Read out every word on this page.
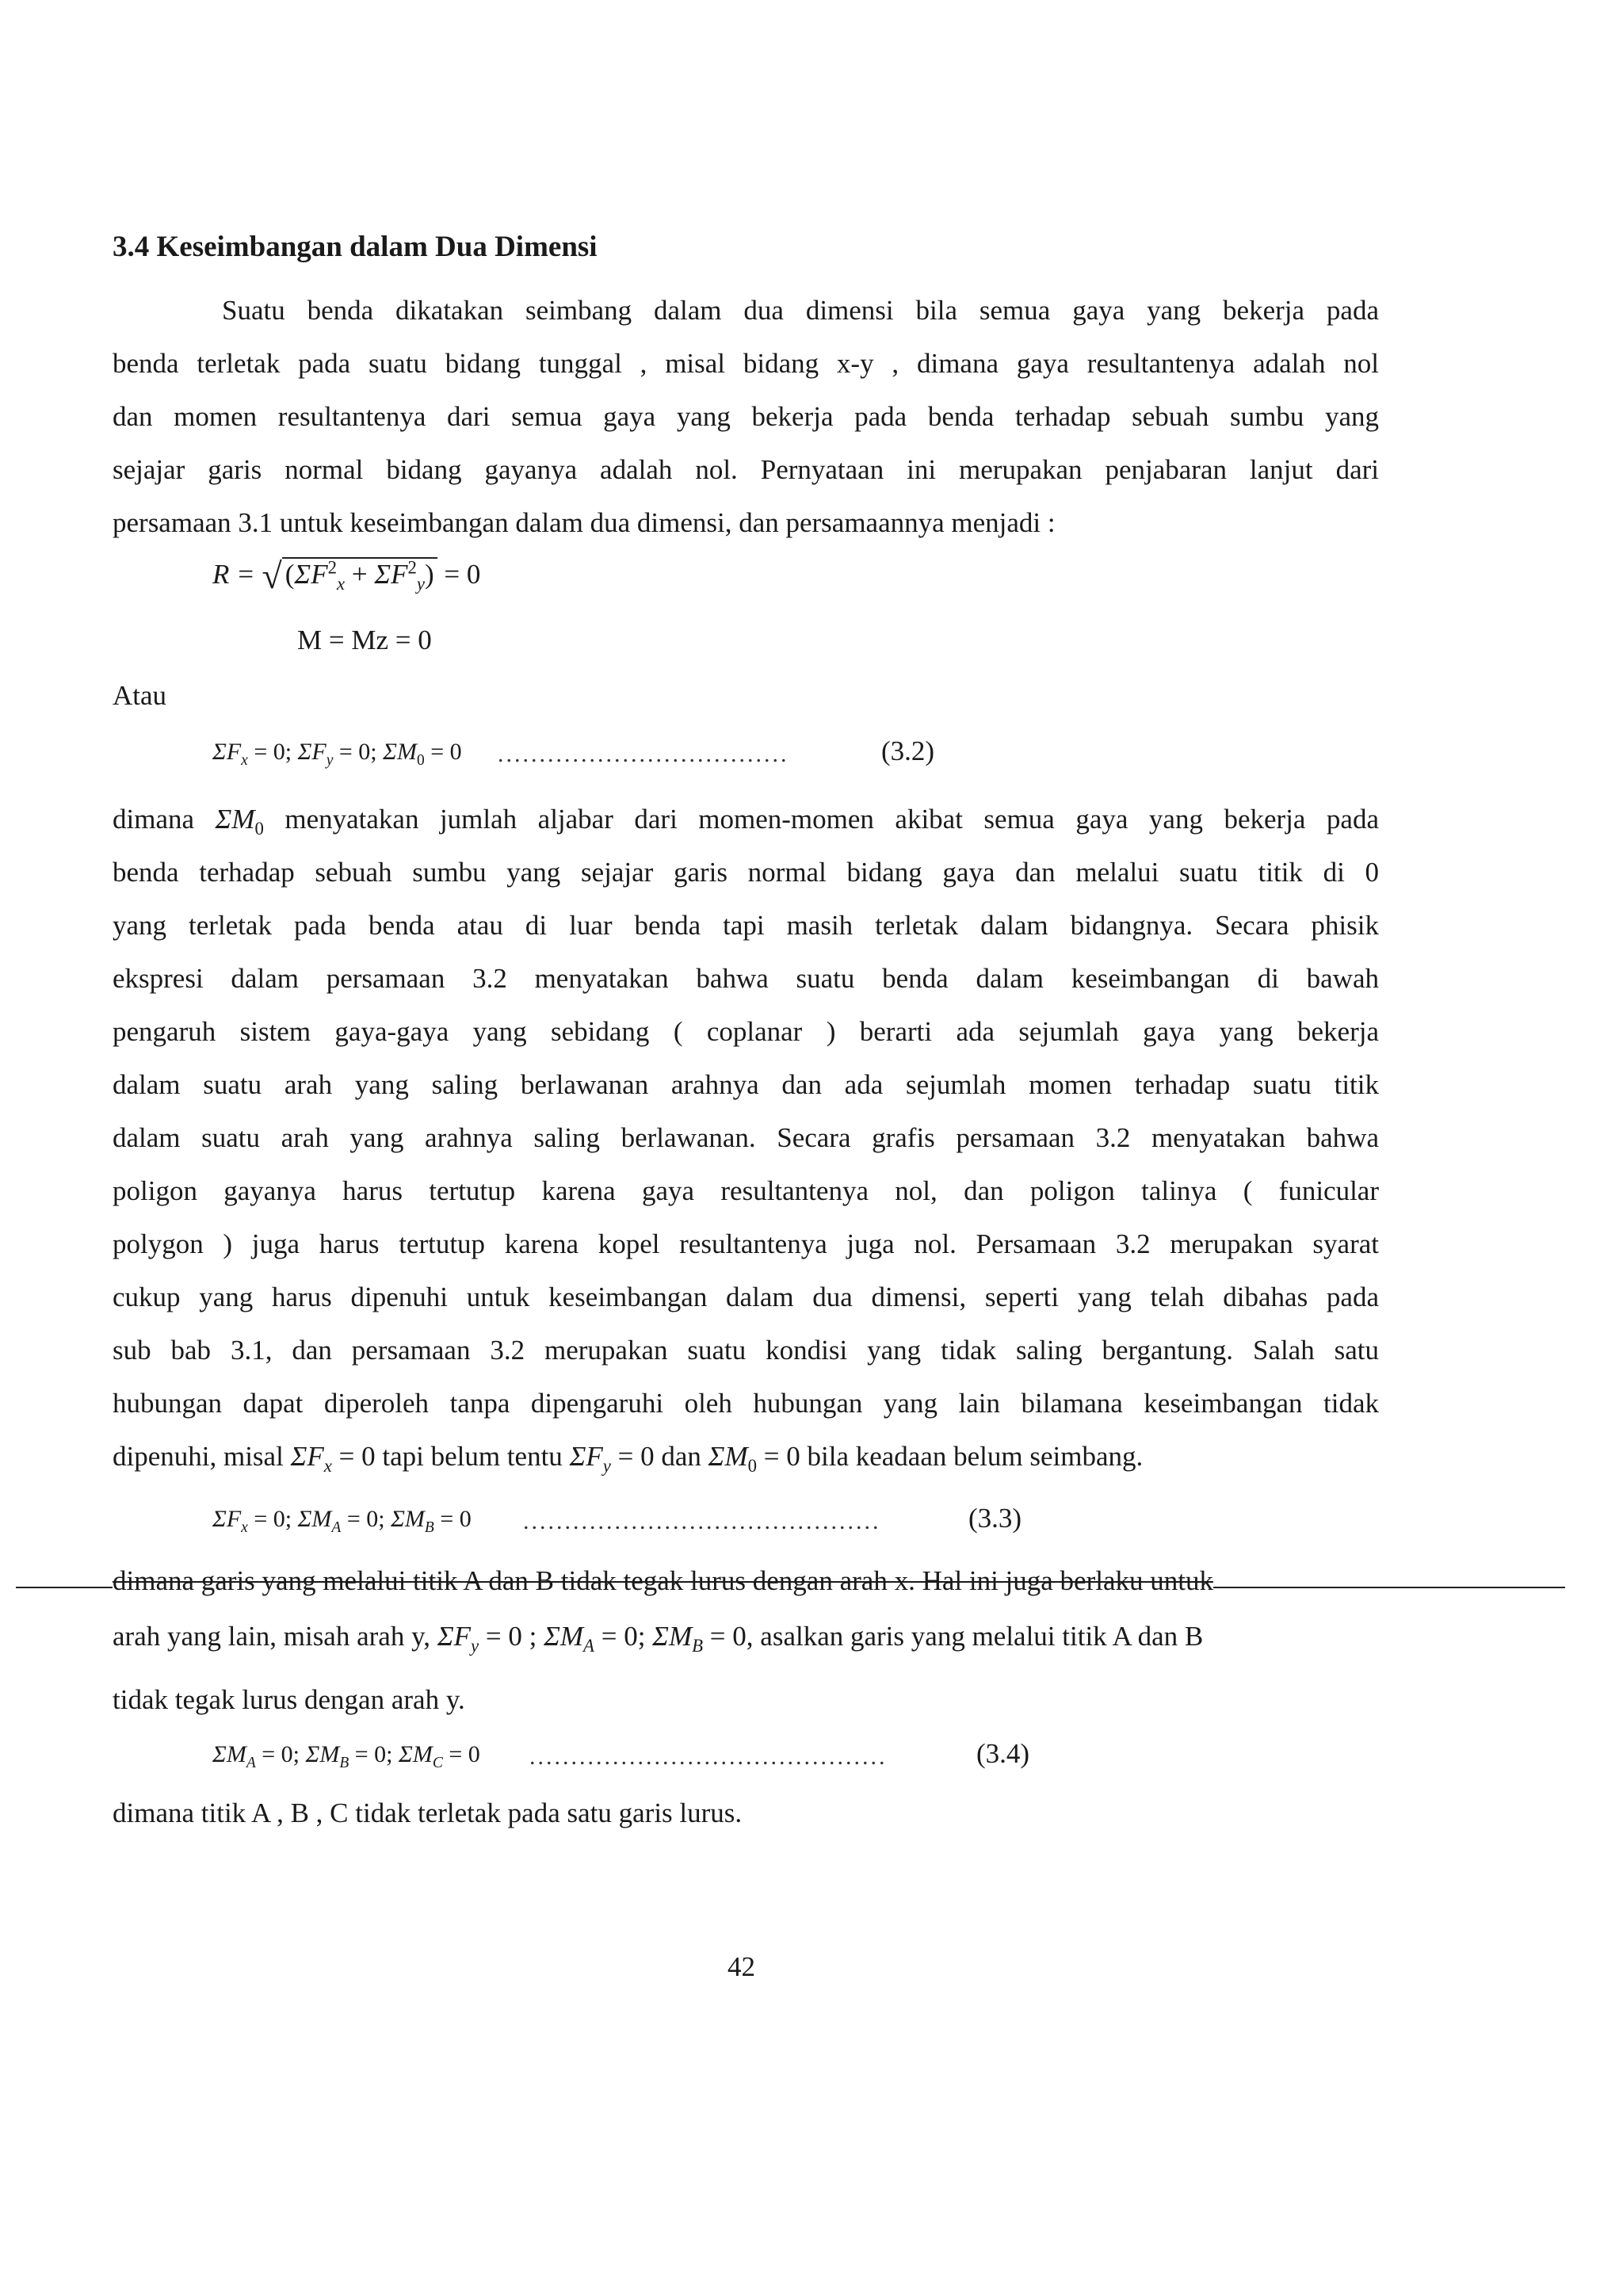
3.4 Keseimbangan dalam Dua Dimensi
Suatu benda dikatakan seimbang dalam dua dimensi bila semua gaya yang bekerja pada
benda terletak pada suatu bidang tunggal , misal bidang x-y , dimana gaya resultantenya adalah nol
dan momen resultantenya dari semua gaya yang bekerja pada benda terhadap sebuah sumbu yang
sejajar garis normal bidang gayanya adalah nol. Pernyataan ini merupakan penjabaran lanjut dari
persamaan 3.1 untuk keseimbangan dalam dua dimensi, dan persamaannya menjadi :
R = √ $(\Sigma F^2_x + \Sigma F^2_y) = 0$
M = Mz = 0
Atau
$\Sigma F_x = 0$; $\Sigma F_y = 0$; $\Sigma M_0 = 0$ ...................................	(3.2)
dimana $\Sigma M_0$ menyatakan jumlah aljabar dari momen-momen akibat semua gaya yang bekerja pada
benda terhadap sebuah sumbu yang sejajar garis normal bidang gaya dan melalui suatu titik di 0
yang terletak pada benda atau di luar benda tapi masih terletak dalam bidangnya. Secara phisik
ekspresi dalam persamaan 3.2 menyatakan bahwa suatu benda dalam keseimbangan di bawah
pengaruh sistem gaya-gaya yang sebidang ( coplanar ) berarti ada sejumlah gaya yang bekerja
dalam suatu arah yang saling berlawanan arahnya dan ada sejumlah momen terhadap suatu titik
dalam suatu arah yang arahnya saling berlawanan. Secara grafis persamaan 3.2 menyatakan bahwa
poligon gayanya harus tertutup karena gaya resultantenya nol, dan poligon talinya ( funicular
polygon ) juga harus tertutup karena kopel resultantenya juga nol. Persamaan 3.2 merupakan syarat
cukup yang harus dipenuhi untuk keseimbangan dalam dua dimensi, seperti yang telah dibahas pada
sub bab 3.1, dan persamaan 3.2 merupakan suatu kondisi yang tidak saling bergantung. Salah satu
hubungan dapat diperoleh tanpa dipengaruhi oleh hubungan yang lain bilamana keseimbangan tidak
dipenuhi, misal $\Sigma F_x = 0$ tapi belum tentu $\Sigma F_y = 0$ dan $\Sigma M_0 = 0$ bila keadaan belum seimbang.
$\Sigma F_x = 0$; $\Sigma M_A = 0$; $\Sigma M_B = 0$ ...........................................	(3.3)
dimana garis yang melalui titik A dan B tidak tegak lurus dengan arah x. Hal ini juga berlaku untuk
arah yang lain, misah arah y, $\Sigma F_y = 0$ ; $\Sigma M_A = 0$; $\Sigma M_B = 0$, asalkan garis yang melalui titik A dan B
tidak tegak lurus dengan arah y.
$\Sigma M_A = 0$; $\Sigma M_B = 0$; $\Sigma M_C = 0$ ...........................................	(3.4)
dimana titik A , B , C tidak terletak pada satu garis lurus.
42
